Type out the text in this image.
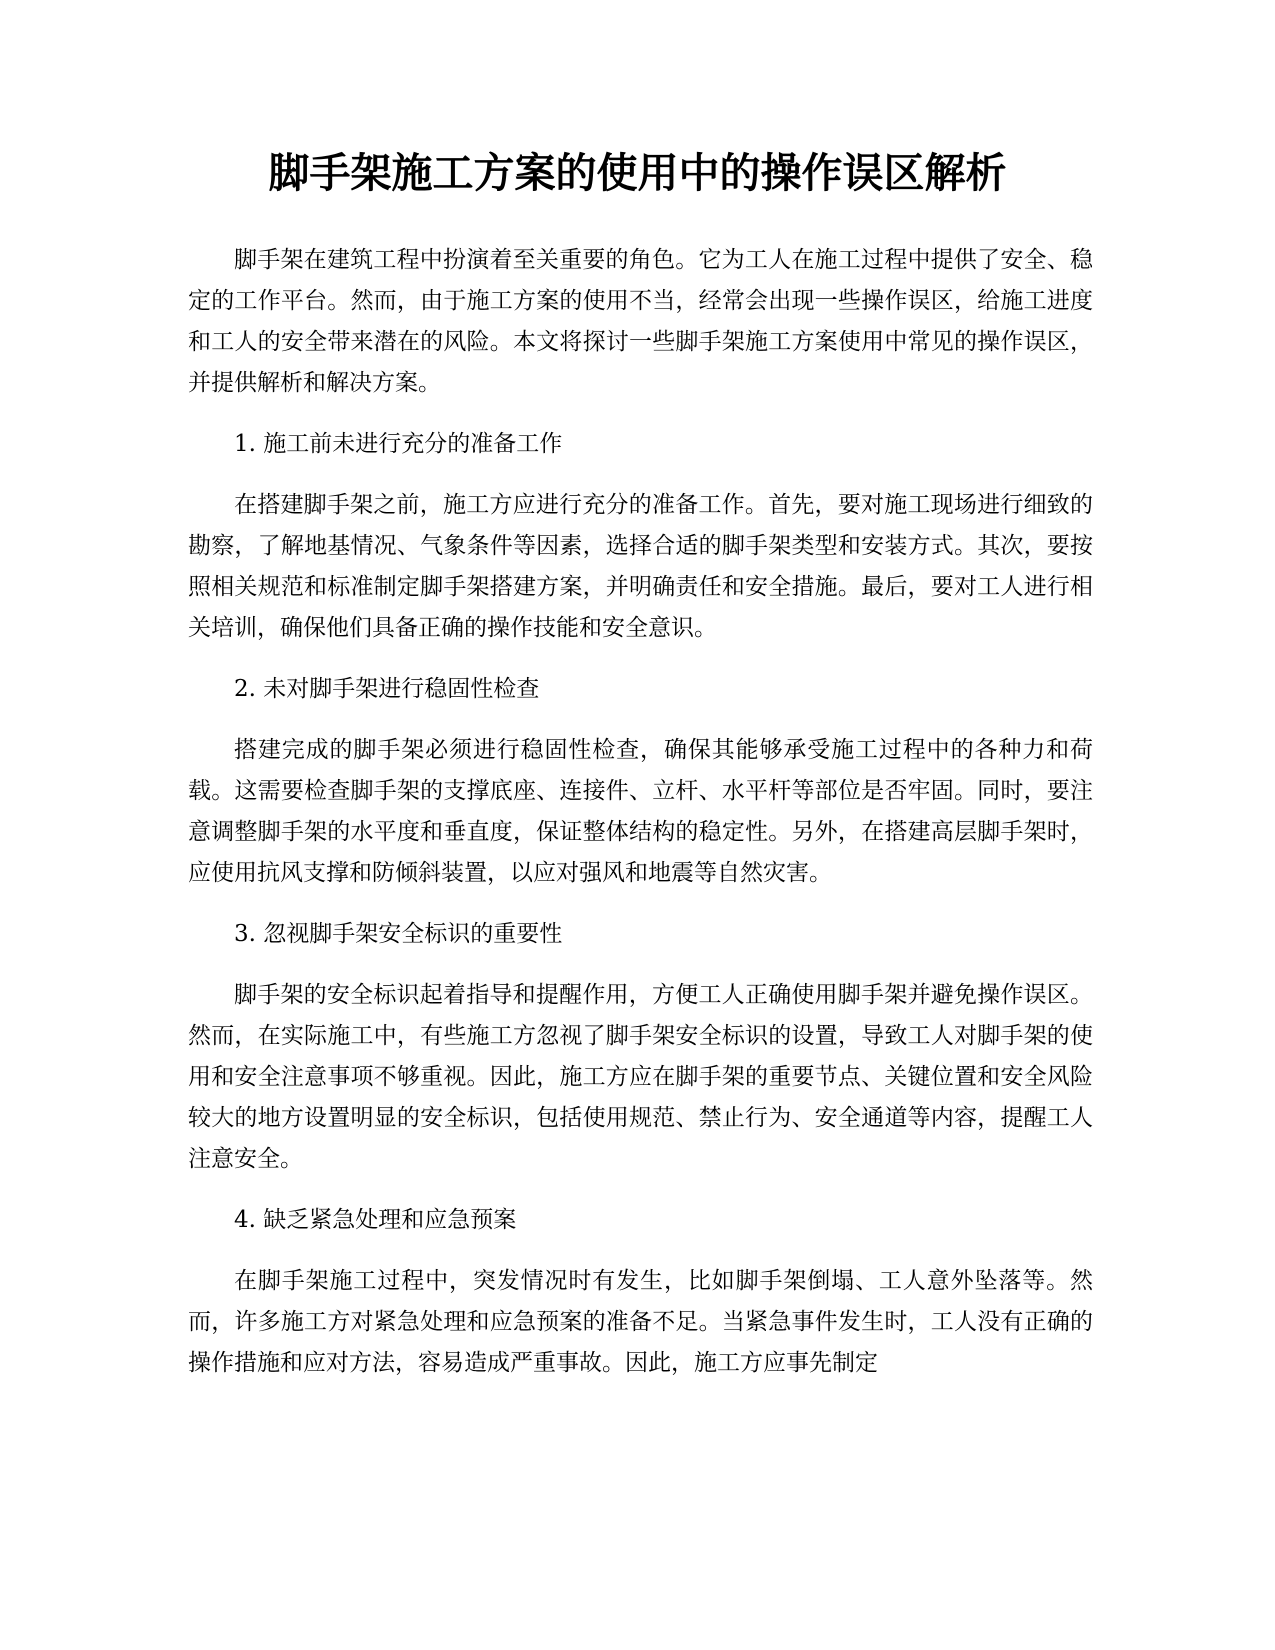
脚手架施工方案的使用中的操作误区解析

脚手架在建筑工程中扮演着至关重要的角色。它为工人在施工过程中提供了安全、稳定的工作平台。然而，由于施工方案的使用不当，经常会出现一些操作误区，给施工进度和工人的安全带来潜在的风险。本文将探讨一些脚手架施工方案使用中常见的操作误区，并提供解析和解决方案。

1. 施工前未进行充分的准备工作

在搭建脚手架之前，施工方应进行充分的准备工作。首先，要对施工现场进行细致的勘察，了解地基情况、气象条件等因素，选择合适的脚手架类型和安装方式。其次，要按照相关规范和标准制定脚手架搭建方案，并明确责任和安全措施。最后，要对工人进行相关培训，确保他们具备正确的操作技能和安全意识。

2. 未对脚手架进行稳固性检查

搭建完成的脚手架必须进行稳固性检查，确保其能够承受施工过程中的各种力和荷载。这需要检查脚手架的支撑底座、连接件、立杆、水平杆等部位是否牢固。同时，要注意调整脚手架的水平度和垂直度，保证整体结构的稳定性。另外，在搭建高层脚手架时，应使用抗风支撑和防倾斜装置，以应对强风和地震等自然灾害。

3. 忽视脚手架安全标识的重要性

脚手架的安全标识起着指导和提醒作用，方便工人正确使用脚手架并避免操作误区。然而，在实际施工中，有些施工方忽视了脚手架安全标识的设置，导致工人对脚手架的使用和安全注意事项不够重视。因此，施工方应在脚手架的重要节点、关键位置和安全风险较大的地方设置明显的安全标识，包括使用规范、禁止行为、安全通道等内容，提醒工人注意安全。

4. 缺乏紧急处理和应急预案

在脚手架施工过程中，突发情况时有发生，比如脚手架倒塌、工人意外坠落等。然而，许多施工方对紧急处理和应急预案的准备不足。当紧急事件发生时，工人没有正确的操作措施和应对方法，容易造成严重事故。因此，施工方应事先制定
